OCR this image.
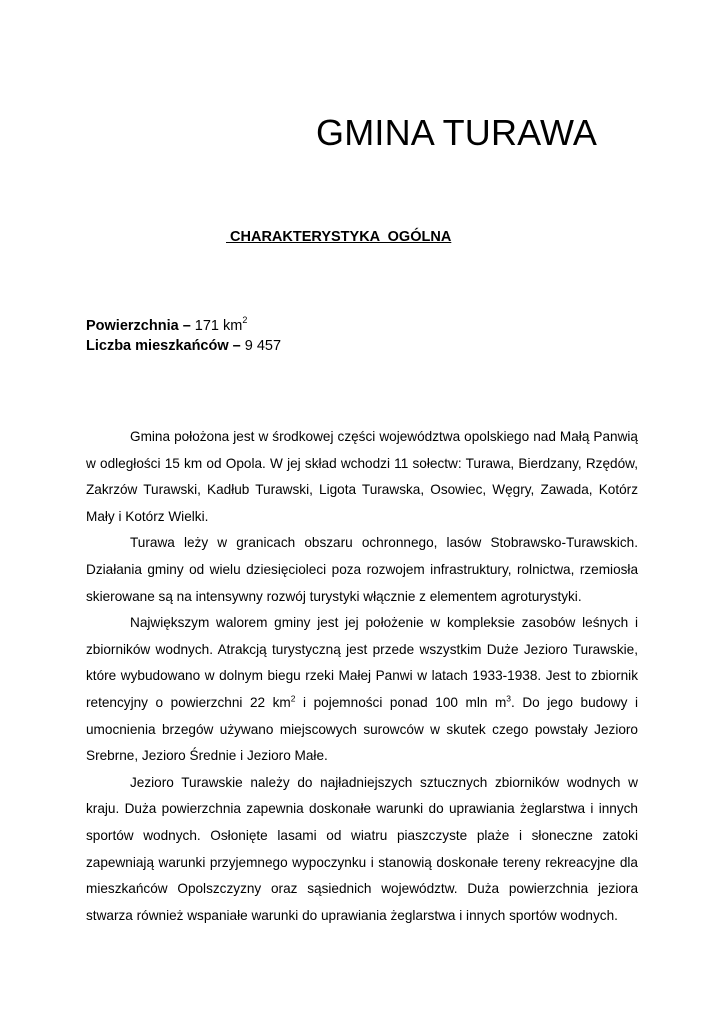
GMINA TURAWA
CHARAKTERYSTYKA  OGÓLNA
Powierzchnia – 171 $km^2$
Liczba mieszkańców – 9 457

Gmina położona jest w środkowej części województwa opolskiego nad Małą Panwią w odległości 15 km od Opola. W jej skład wchodzi 11 sołectw: Turawa, Bierdzany, Rzędów, Zakrzów Turawski, Kadłub Turawski, Ligota Turawska, Osowiec, Węgry, Zawada, Kotórz Mały i Kotórz Wielki.

Turawa leży w granicach obszaru ochronnego, lasów Stobrawsko-Turawskich. Działania gminy od wielu dziesięcioleci poza rozwojem infrastruktury, rolnictwa, rzemiosła skierowane są na intensywny rozwój turystyki włącznie z elementem agroturystyki.

Największym walorem gminy jest jej położenie w kompleksie zasobów leśnych i zbiorników wodnych. Atrakcją turystyczną jest przede wszystkim Duże Jezioro Turawskie, które wybudowano w dolnym biegu rzeki Małej Panwi w latach 1933-1938. Jest to zbiornik retencyjny o powierzchni 22 $km^2$ i pojemności ponad 100 mln $m^3$. Do jego budowy i umocnienia brzegów używano miejscowych surowców w skutek czego powstały Jezioro Srebrne, Jezioro Średnie i Jezioro Małe.

Jezioro Turawskie należy do najładniejszych sztucznych zbiorników wodnych w kraju. Duża powierzchnia zapewnia doskonałe warunki do uprawiania żeglarstwa i innych sportów wodnych. Osłonięte lasami od wiatru piaszczyste plaże i słoneczne zatoki zapewniają warunki przyjemnego wypoczynku i stanowią doskonałe tereny rekreacyjne dla mieszkańców Opolszczyzny oraz sąsiednich województw. Duża powierzchnia jeziora stwarza również wspaniałe warunki do uprawiania żeglarstwa i innych sportów wodnych.
